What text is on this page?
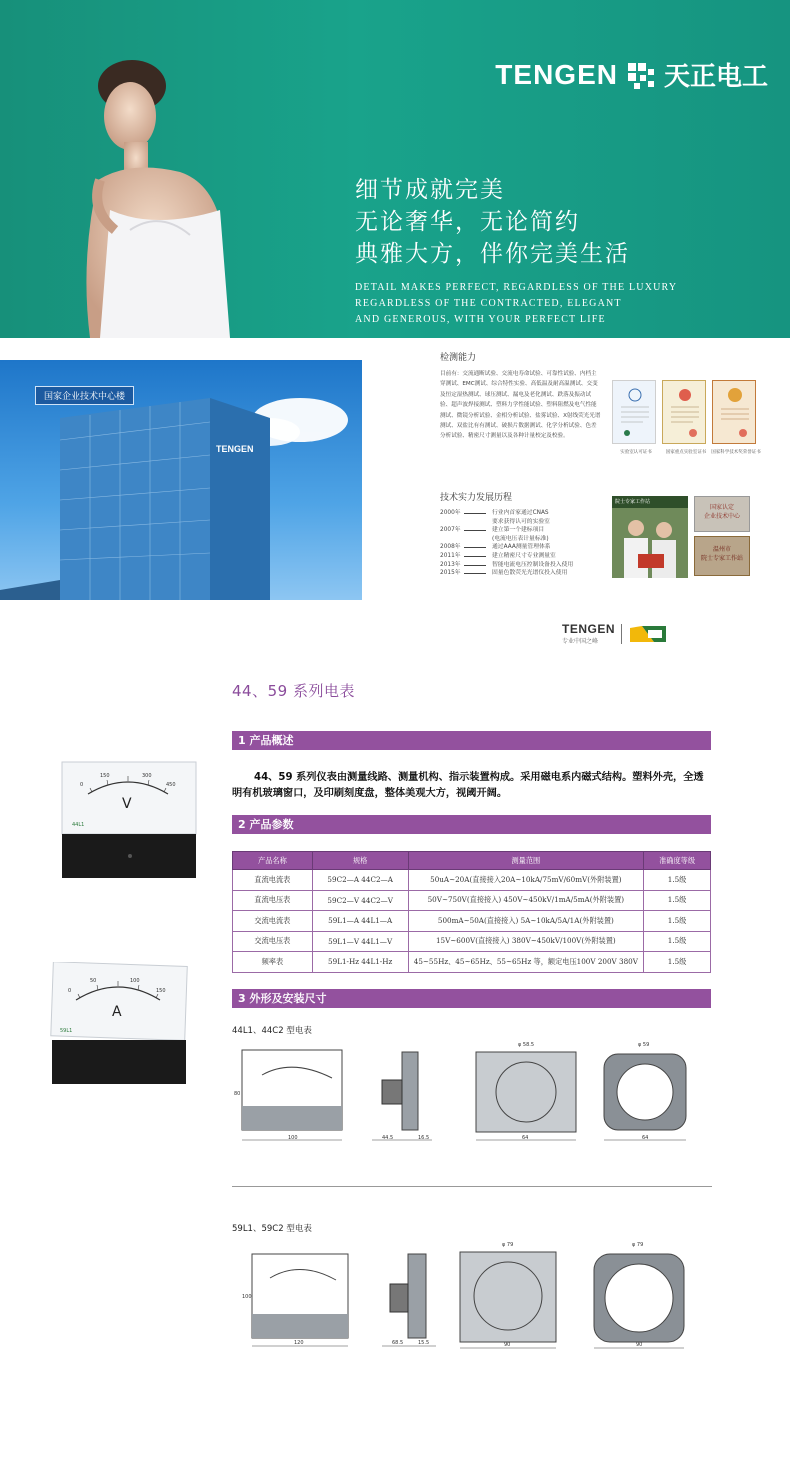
TENGEN 天正电工
细节成就完美
无论奢华，无论简约
典雅大方，伴你完美生活
DETAIL MAKES PERFECT, REGARDLESS OF THE LUXURY
REGARDLESS OF THE CONTRACTED, ELEGANT
AND GENEROUS, WITH YOUR PERFECT LIFE
国家企业技术中心楼
TENGEN
检测能力
目前有：交流通断试验、交流电寿命试验、可靠性试验、内档主穿测试、EMC测试、综合特性实验、高低温及耐高温测试、交变及恒定湿热测试、球压测试、漏电及老化测试、跌落及振动试验、超声波焊接测试、塑料力学性能试验、塑料阻燃及电气性能测试、微镜分析试验、金相分析试验、盐雾试验、X射线荧光光谱测试、双盐比有有测试、破损片数据测试、化学分析试验、色差分析试验、精密尺寸测量以及各种计量校定及校验。
实验室认可证书	国家重点实验室证书	国家科学技术奖荣誉证书
技术实力发展历程
2000年	行业内首家通过CNAS
要求获得认可的实验室
2007年	建立第一个建标项目
(电流电压表计量标准)
2008年	通过AAA测量管理体系
2011年	建立精密尺寸专业测量室
2013年	智能电流电压控制设备投入使用
2015年	固量色散荧光光谱仪投入使用
院士专家工作站
国家认定
企业技术中心
温州市
院士专家工作站
TENGEN
专业中国之峰
44、59 系列电表
1 产品概述
44、59 系列仪表由测量线路、测量机构、指示装置构成。采用磁电系内磁式结构。塑料外壳，全透明有机玻璃窗口，及印刷刻度盘，整体美观大方，视阈开阔。
2 产品参数
产品名称	规格	测量范围	准确度等级
直流电流表	59C2—A 44C2—A	50uA~20A(直接接入20A~10kA/75mV/60mV(外附装置)	1.5级
直流电压表	59C2—V 44C2—V	50V~750V(直接接入) 450V~450kV/1mA/5mA(外附装置)	1.5级
交流电流表	59L1—A 44L1—A	500mA~50A(直接接入) 5A~10kA/5A/1A(外附装置)	1.5级
交流电压表	59L1—V 44L1—V	15V~600V(直接接入) 380V~450kV/100V(外附装置)	1.5级
频率表	59L1-Hz 44L1-Hz	45~55Hz、45~65Hz、55~65Hz 等，额定电压100V 200V 380V	1.5级
3 外形及安装尺寸
0
150	300
450
V
44L1
0
50	100
150
A
59L1	44L1、44C2 型电表
100
80
44.5	16.5	64
φ 58.5
64
φ 59
59L1、59C2 型电表
120
100
68.5	15.5	90
φ 79
90
φ 79
